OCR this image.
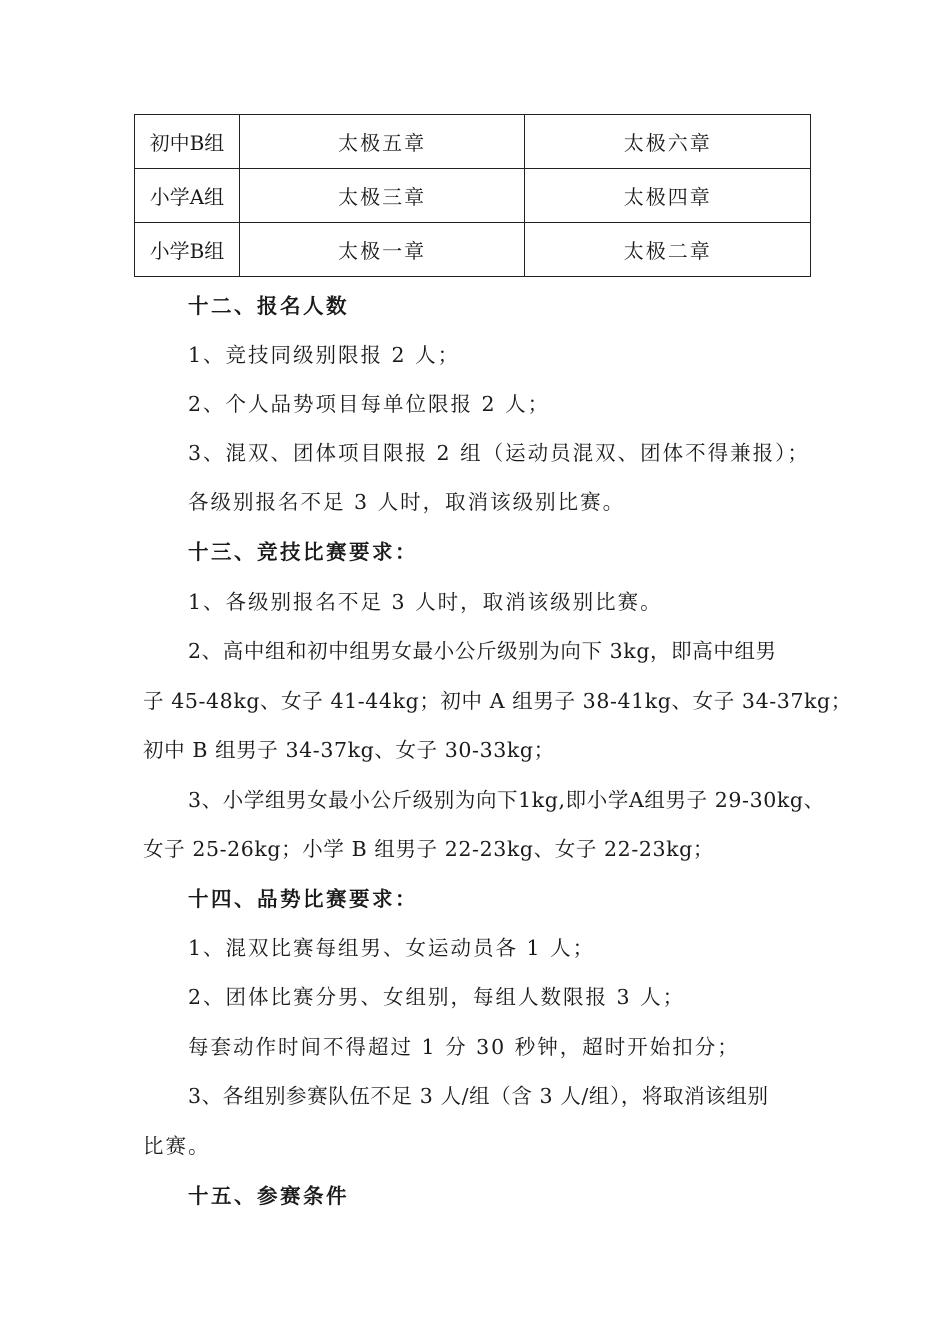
初中B组	太极五章	太极六章
小学A组	太极三章	太极四章
小学B组	太极一章	太极二章
十二、报名人数
1、竞技同级别限报 2 人；
2、个人品势项目每单位限报 2 人；
3、混双、团体项目限报 2 组（运动员混双、团体不得兼报）；
各级别报名不足 3 人时，取消该级别比赛。
十三、竞技比赛要求：
1、各级别报名不足 3 人时，取消该级别比赛。
2、高中组和初中组男女最小公斤级别为向下 3kg，即高中组男
子 45-48kg、女子 41-44kg；初中 A 组男子 38-41kg、女子 34-37kg；
初中 B 组男子 34-37kg、女子 30-33kg；
3、小学组男女最小公斤级别为向下1kg,即小学A组男子 29-30kg、
女子 25-26kg；小学 B 组男子 22-23kg、女子 22-23kg；
十四、品势比赛要求：
1、混双比赛每组男、女运动员各 1 人；
2、团体比赛分男、女组别，每组人数限报 3 人；
每套动作时间不得超过 1 分 30 秒钟，超时开始扣分；
3、各组别参赛队伍不足 3 人/组（含 3 人/组），将取消该组别
比赛。
十五、参赛条件
